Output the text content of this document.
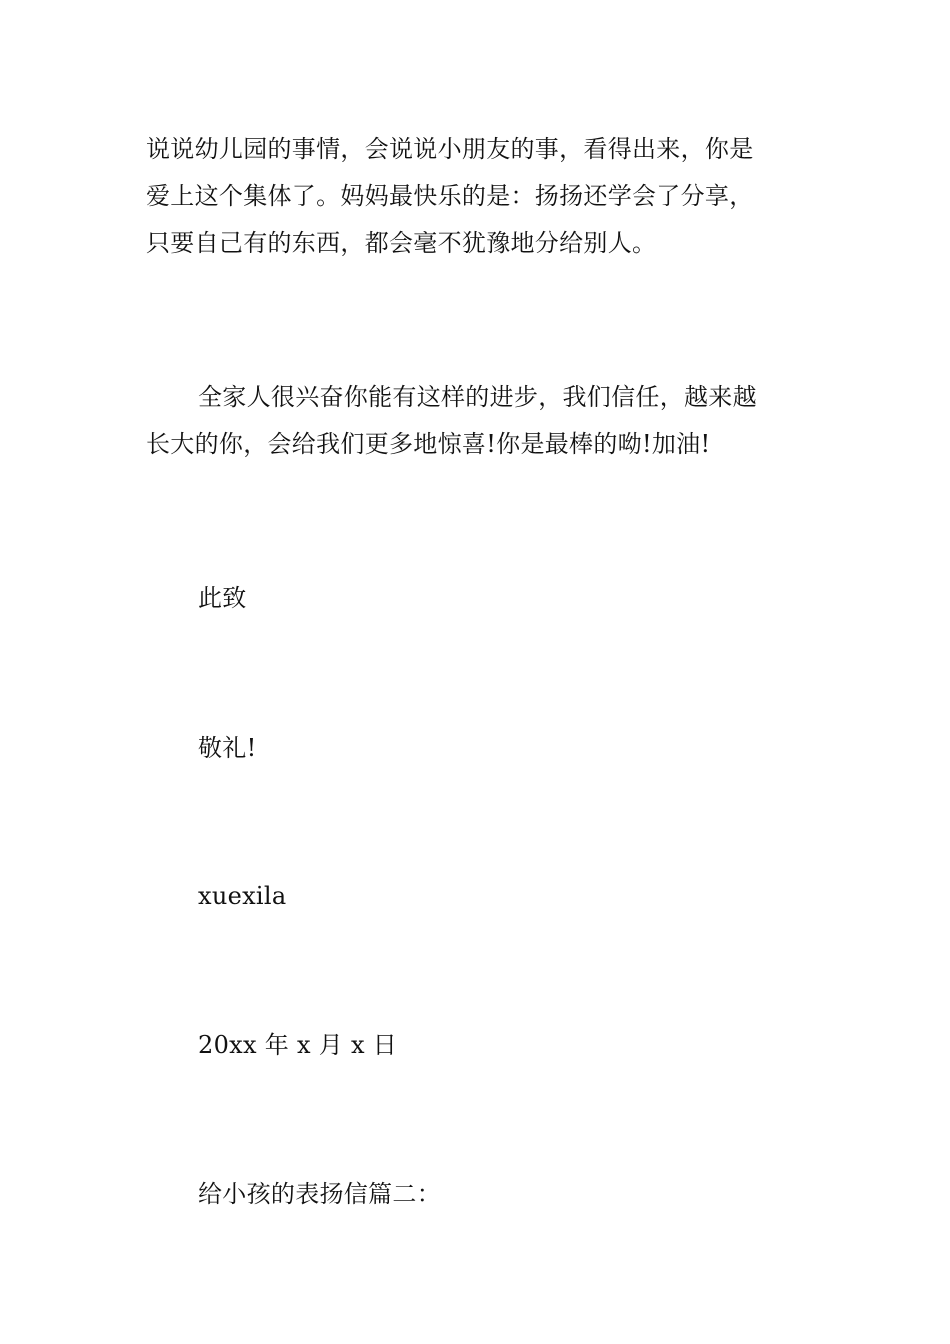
说说幼儿园的事情，会说说小朋友的事，看得出来，你是
爱上这个集体了。妈妈最快乐的是：扬扬还学会了分享，
只要自己有的东西，都会毫不犹豫地分给别人。
全家人很兴奋你能有这样的进步，我们信任，越来越
长大的你，会给我们更多地惊喜!你是最棒的呦!加油!

此致

敬礼!

xuexila

20xx 年 x 月 x 日

给小孩的表扬信篇二：
